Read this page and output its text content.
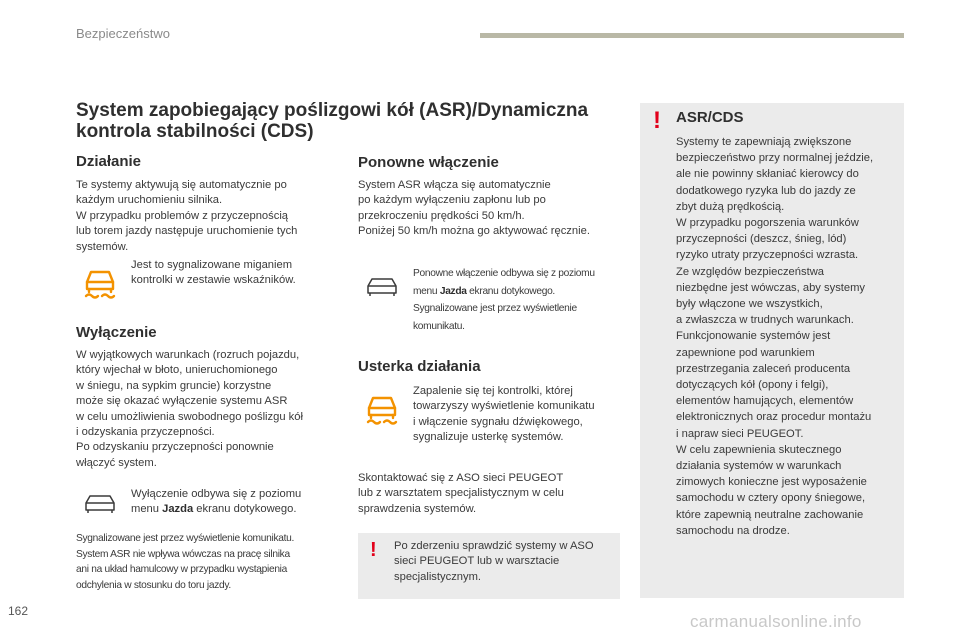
Bezpieczeństwo
System zapobiegający poślizgowi kół (ASR)/Dynamiczna
kontrola stabilności (CDS)
Działanie

Te systemy aktywują się automatycznie po

każdym uruchomieniu silnika.

W przypadku problemów z przyczepnością

lub torem jazdy następuje uruchomienie tych

systemów.

Jest to sygnalizowane miganiem

kontrolki w zestawie wskaźników.

Wyłączenie

W wyjątkowych warunkach (rozruch pojazdu,

który wjechał w błoto, unieruchomionego

w śniegu, na sypkim gruncie) korzystne

może się okazać wyłączenie systemu ASR

w celu umożliwienia swobodnego poślizgu kół

i odzyskania przyczepności.

Po odzyskaniu przyczepności ponownie

włączyć system.

Wyłączenie odbywa się z poziomu

menu Jazda ekranu dotykowego.

Sygnalizowane jest przez wyświetlenie komunikatu.

System ASR nie wpływa wówczas na pracę silnika

ani na układ hamulcowy w przypadku wystąpienia

odchylenia w stosunku do toru jazdy.

Ponowne włączenie

System ASR włącza się automatycznie

po każdym wyłączeniu zapłonu lub po

przekroczeniu prędkości 50 km/h.

Poniżej 50 km/h można go aktywować ręcznie.

Ponowne włączenie odbywa się z poziomu

menu Jazda ekranu dotykowego.

Sygnalizowane jest przez wyświetlenie

komunikatu.

Usterka działania

Zapalenie się tej kontrolki, której

towarzyszy wyświetlenie komunikatu

i włączenie sygnału dźwiękowego,

sygnalizuje usterkę systemów.

Skontaktować się z ASO sieci PEUGEOT

lub z warsztatem specjalistycznym w celu

sprawdzenia systemów.

! Po zderzeniu sprawdzić systemy w ASO

sieci PEUGEOT lub w warsztacie

specjalistycznym.

! ASR/CDS

Systemy te zapewniają zwiększone

bezpieczeństwo przy normalnej jeździe,

ale nie powinny skłaniać kierowcy do

dodatkowego ryzyka lub do jazdy ze

zbyt dużą prędkością.

W przypadku pogorszenia warunków

przyczepności (deszcz, śnieg, lód)

ryzyko utraty przyczepności wzrasta.

Ze względów bezpieczeństwa

niezbędne jest wówczas, aby systemy

były włączone we wszystkich,

a zwłaszcza w trudnych warunkach.

Funkcjonowanie systemów jest

zapewnione pod warunkiem

przestrzegania zaleceń producenta

dotyczących kół (opony i felgi),

elementów hamujących, elementów

elektronicznych oraz procedur montażu

i napraw sieci PEUGEOT.

W celu zapewnienia skutecznego

działania systemów w warunkach

zimowych konieczne jest wyposażenie

samochodu w cztery opony śniegowe,

które zapewnią neutralne zachowanie

samochodu na drodze.

162
carmanualsonline.info
